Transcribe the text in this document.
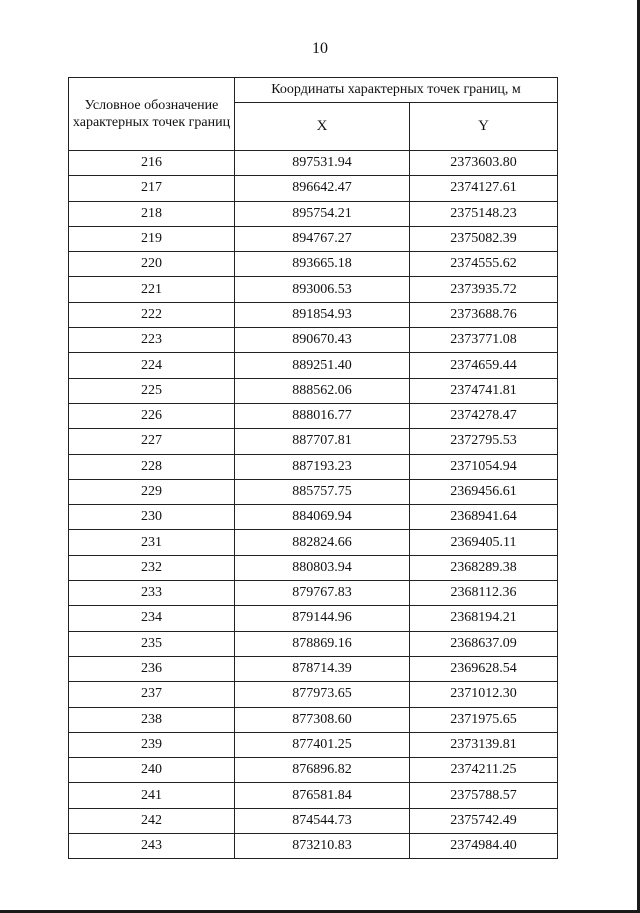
10
Условное обозначение характерных точек границ	Координаты характерных точек границ, м	
	X	Y
216	897531.94	2373603.80
217	896642.47	2374127.61
218	895754.21	2375148.23
219	894767.27	2375082.39
220	893665.18	2374555.62
221	893006.53	2373935.72
222	891854.93	2373688.76
223	890670.43	2373771.08
224	889251.40	2374659.44
225	888562.06	2374741.81
226	888016.77	2374278.47
227	887707.81	2372795.53
228	887193.23	2371054.94
229	885757.75	2369456.61
230	884069.94	2368941.64
231	882824.66	2369405.11
232	880803.94	2368289.38
233	879767.83	2368112.36
234	879144.96	2368194.21
235	878869.16	2368637.09
236	878714.39	2369628.54
237	877973.65	2371012.30
238	877308.60	2371975.65
239	877401.25	2373139.81
240	876896.82	2374211.25
241	876581.84	2375788.57
242	874544.73	2375742.49
243	873210.83	2374984.40
